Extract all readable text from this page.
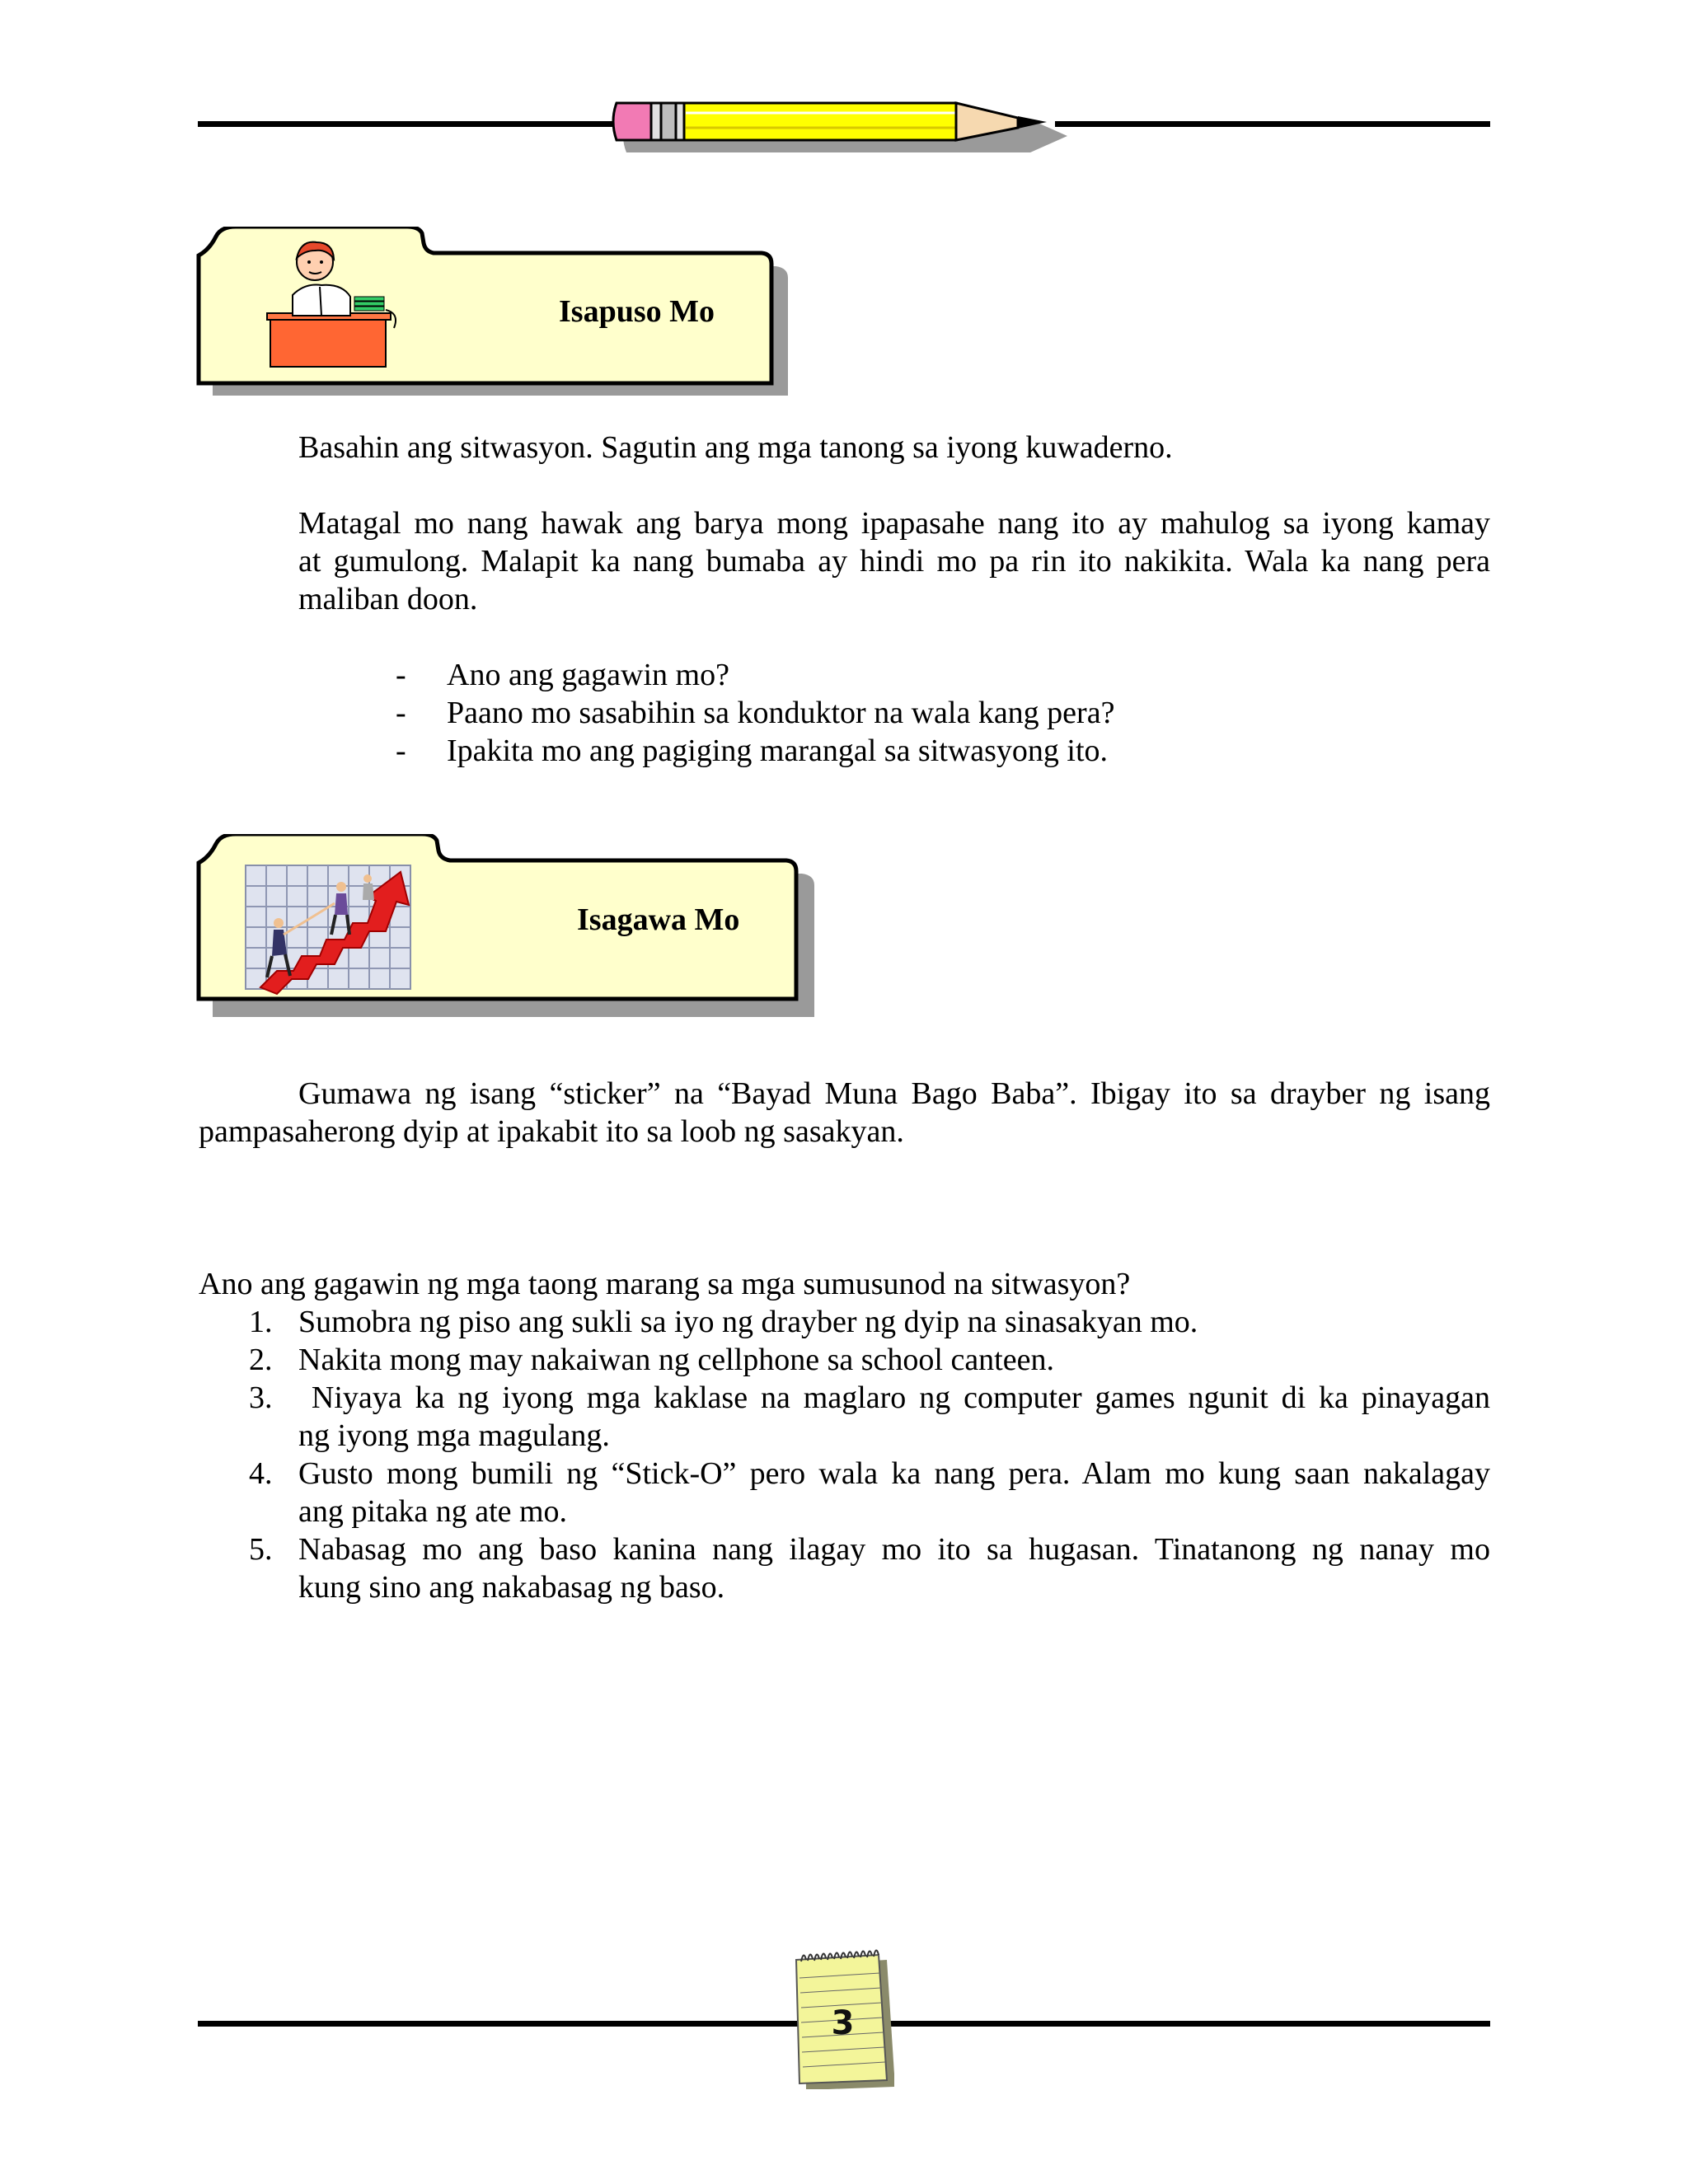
Isapuso Mo
Basahin ang sitwasyon. Sagutin ang mga tanong sa iyong kuwaderno.
Matagal mo nang hawak ang barya mong ipapasahe nang ito ay mahulog sa iyong kamay
at gumulong. Malapit ka nang bumaba ay hindi mo pa rin ito nakikita. Wala ka nang pera
maliban doon.
- Ano ang gagawin mo?
- Paano mo sasabihin sa konduktor na wala kang pera?
- Ipakita mo ang pagiging marangal sa sitwasyong ito.
Isagawa Mo
Gumawa ng isang “sticker” na “Bayad Muna Bago Baba”. Ibigay ito sa drayber ng isang
pampasaherong dyip at ipakabit ito sa loob ng sasakyan.
Ano ang gagawin ng mga taong marang sa mga sumusunod na sitwasyon?
1. Sumobra ng piso ang sukli sa iyo ng drayber ng dyip na sinasakyan mo.
2. Nakita mong may nakaiwan ng cellphone sa school canteen.
3. Niyaya ka ng iyong mga kaklase na maglaro ng computer games ngunit di ka pinayagan
ng iyong mga magulang.
4. Gusto mong bumili ng “Stick-O” pero wala ka nang pera. Alam mo kung saan nakalagay
ang pitaka ng ate mo.
5. Nabasag mo ang baso kanina nang ilagay mo ito sa hugasan. Tinatanong ng nanay mo
kung sino ang nakabasag ng baso.
3
